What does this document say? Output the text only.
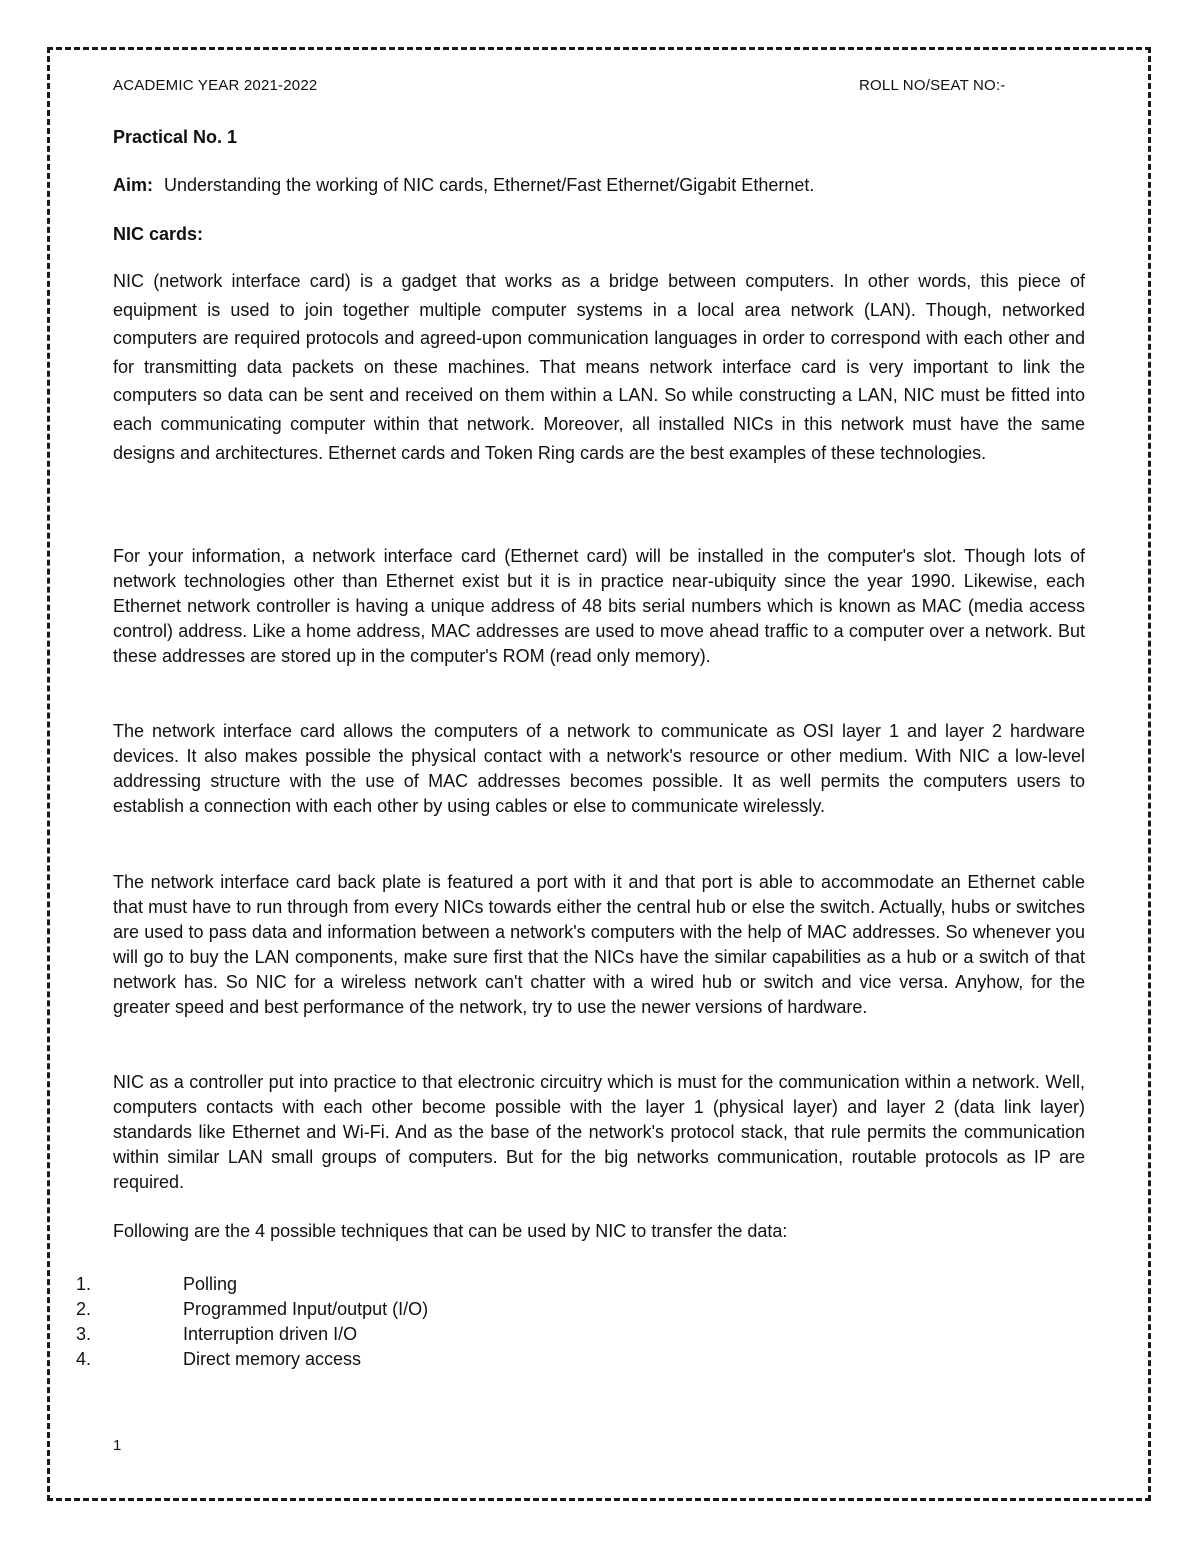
ACADEMIC YEAR 2021-2022	ROLL NO/SEAT NO:-
Practical No. 1
Aim: Understanding the working of NIC cards, Ethernet/Fast Ethernet/Gigabit Ethernet.
NIC cards:

NIC (network interface card) is a gadget that works as a bridge between computers. In other words, this piece of equipment is used to join together multiple computer systems in a local area network (LAN). Though, networked computers are required protocols and agreed-upon communication languages in order to correspond with each other and for transmitting data packets on these machines. That means network interface card is very important to link the computers so data can be sent and received on them within a LAN. So while constructing a LAN, NIC must be fitted into each communicating computer within that network. Moreover, all installed NICs in this network must have the same designs and architectures. Ethernet cards and Token Ring cards are the best examples of these technologies.

For your information, a network interface card (Ethernet card) will be installed in the computer's slot. Though lots of network technologies other than Ethernet exist but it is in practice near-ubiquity since the year 1990. Likewise, each Ethernet network controller is having a unique address of 48 bits serial numbers which is known as MAC (media access control) address. Like a home address, MAC addresses are used to move ahead traffic to a computer over a network. But these addresses are stored up in the computer's ROM (read only memory).

The network interface card allows the computers of a network to communicate as OSI layer 1 and layer 2 hardware devices. It also makes possible the physical contact with a network's resource or other medium. With NIC a low-level addressing structure with the use of MAC addresses becomes possible. It as well permits the computers users to establish a connection with each other by using cables or else to communicate wirelessly.

The network interface card back plate is featured a port with it and that port is able to accommodate an Ethernet cable that must have to run through from every NICs towards either the central hub or else the switch. Actually, hubs or switches are used to pass data and information between a network's computers with the help of MAC addresses. So whenever you will go to buy the LAN components, make sure first that the NICs have the similar capabilities as a hub or a switch of that network has. So NIC for a wireless network can't chatter with a wired hub or switch and vice versa. Anyhow, for the greater speed and best performance of the network, try to use the newer versions of hardware.

NIC as a controller put into practice to that electronic circuitry which is must for the communication within a network. Well, computers contacts with each other become possible with the layer 1 (physical layer) and layer 2 (data link layer) standards like Ethernet and Wi-Fi. And as the base of the network's protocol stack, that rule permits the communication within similar LAN small groups of computers. But for the big networks communication, routable protocols as IP are required.

Following are the 4 possible techniques that can be used by NIC to transfer the data:
1.	Polling
2.	Programmed Input/output (I/O)
3.	Interruption driven I/O
4.	Direct memory access
1
